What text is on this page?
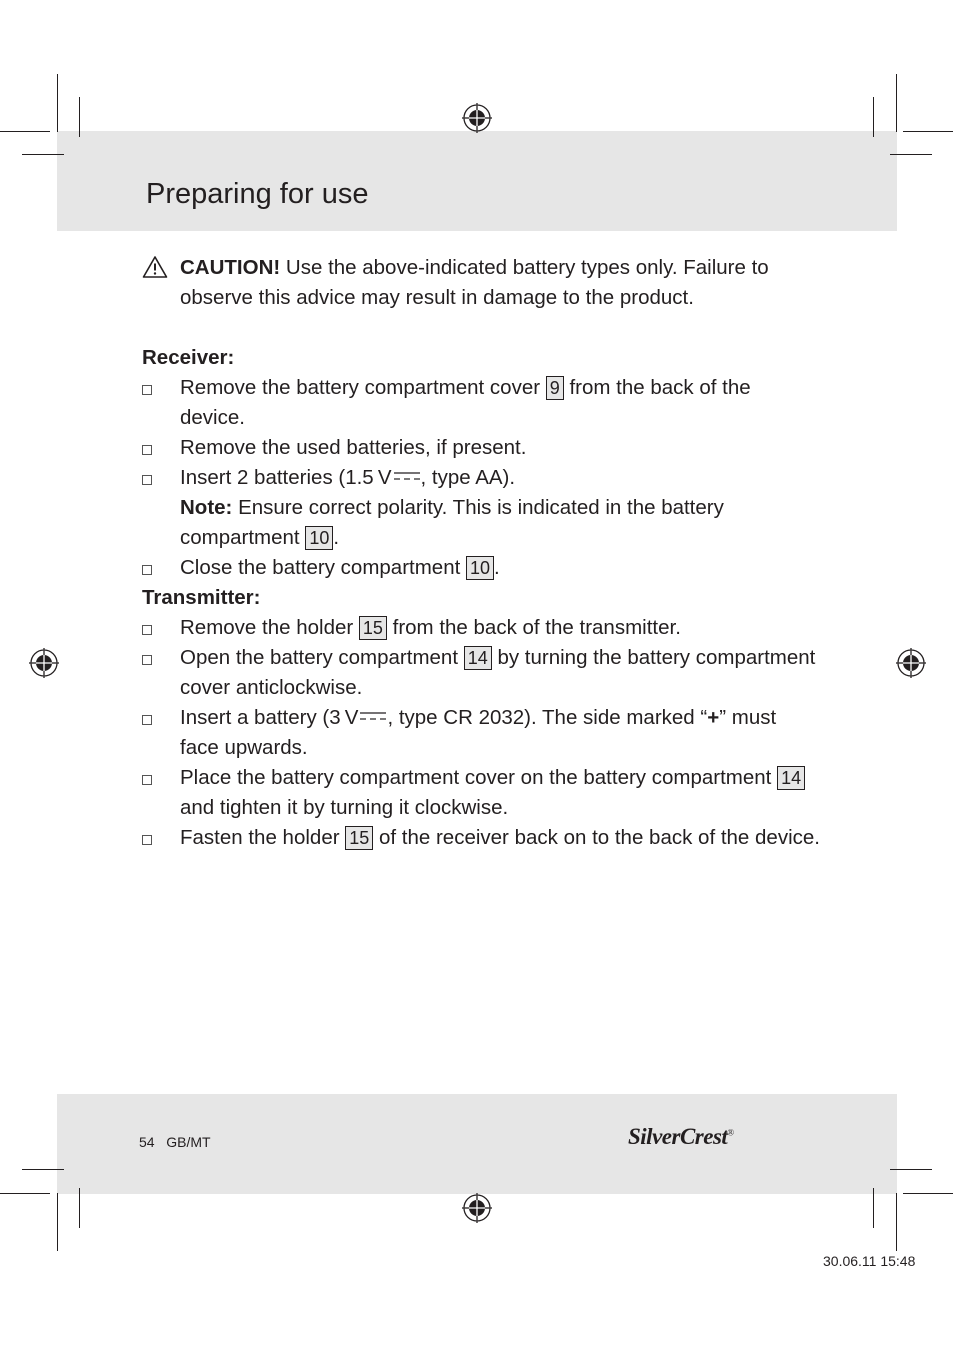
Preparing for use
CAUTION! Use the above-indicated battery types only. Failure to
observe this advice may result in damage to the product.
Receiver:
Remove the battery compartment cover 9 from the back of the
device.
Remove the used batteries, if present.
Insert 2 batteries (1.5 V , type AA).
Note: Ensure correct polarity. This is indicated in the battery
compartment 10 .
Close the battery compartment 10 .
Transmitter:
Remove the holder 15 from the back of the transmitter.
Open the battery compartment 14 by turning the battery compartment
cover anticlockwise.
Insert a battery (3 V , type CR 2032). The side marked “+” must
face upwards.
Place the battery compartment cover on the battery compartment 14
and tighten it by turning it clockwise.
Fasten the holder 15 of the receiver back on to the back of the device.
54 GB/MT	SilverCrest®
30.06.11 15:48
